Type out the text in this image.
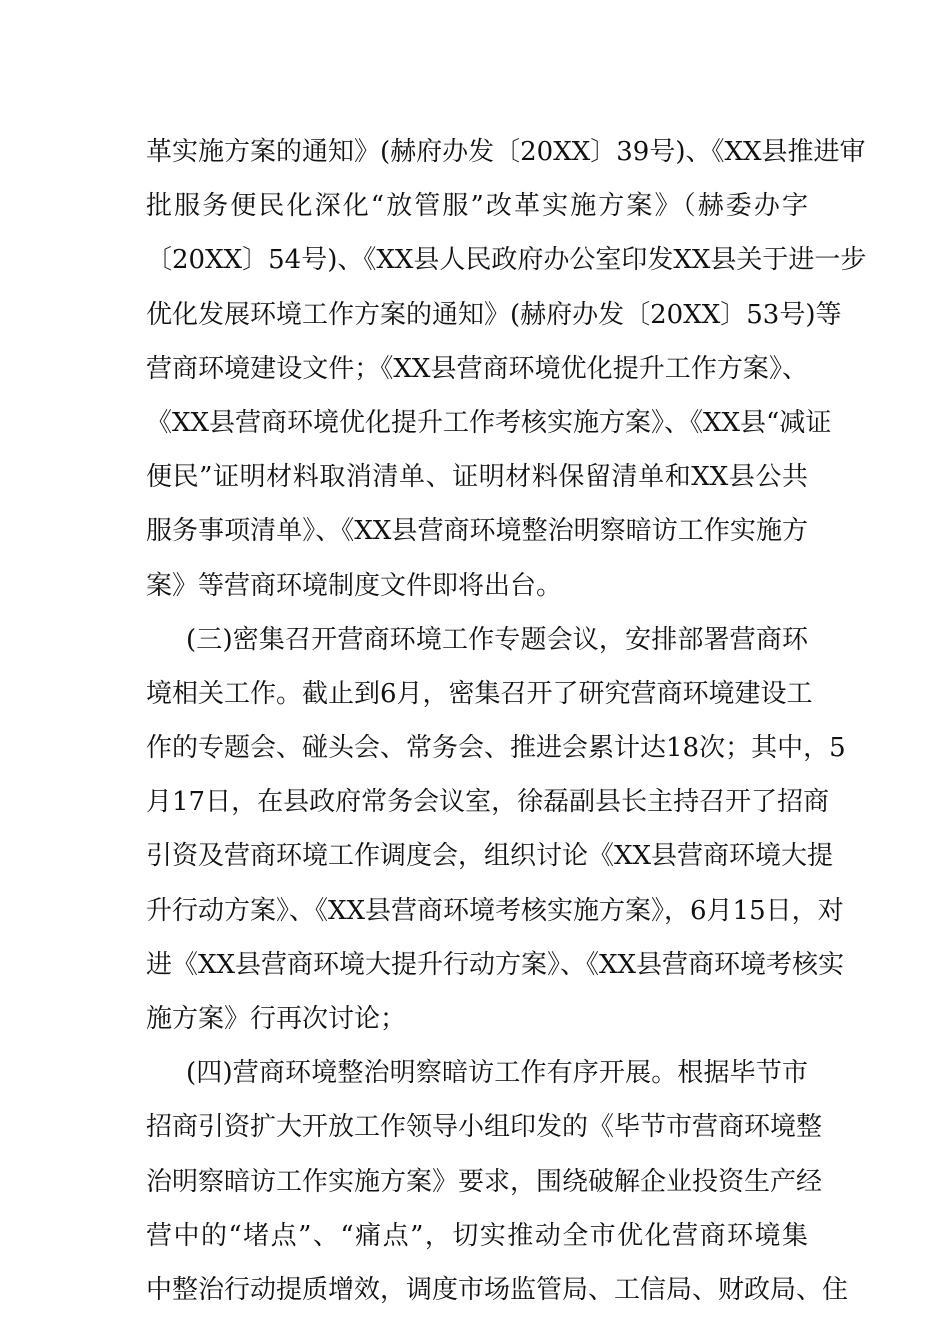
革实施方案的通知》(赫府办发〔20XX〕39号)、《XX县推进审
批服务便民化深化“放管服”改革实施方案》（赫委办字
〔20XX〕54号)、《XX县人民政府办公室印发XX县关于进一步
优化发展环境工作方案的通知》(赫府办发〔20XX〕53号)等
营商环境建设文件；《XX县营商环境优化提升工作方案》、
《XX县营商环境优化提升工作考核实施方案》、《XX县“减证
便民”证明材料取消清单、证明材料保留清单和XX县公共
服务事项清单》、《XX县营商环境整治明察暗访工作实施方
案》等营商环境制度文件即将出台。
(三)密集召开营商环境工作专题会议，安排部署营商环
境相关工作。截止到6月，密集召开了研究营商环境建设工
作的专题会、碰头会、常务会、推进会累计达18次；其中，5
月17日，在县政府常务会议室，徐磊副县长主持召开了招商
引资及营商环境工作调度会，组织讨论《XX县营商环境大提
升行动方案》、《XX县营商环境考核实施方案》，6月15日，对
进《XX县营商环境大提升行动方案》、《XX县营商环境考核实
施方案》行再次讨论；
(四)营商环境整治明察暗访工作有序开展。根据毕节市
招商引资扩大开放工作领导小组印发的《毕节市营商环境整
治明察暗访工作实施方案》要求，围绕破解企业投资生产经
营中的“堵点”、“痛点”，切实推动全市优化营商环境集
中整治行动提质增效，调度市场监管局、工信局、财政局、住
